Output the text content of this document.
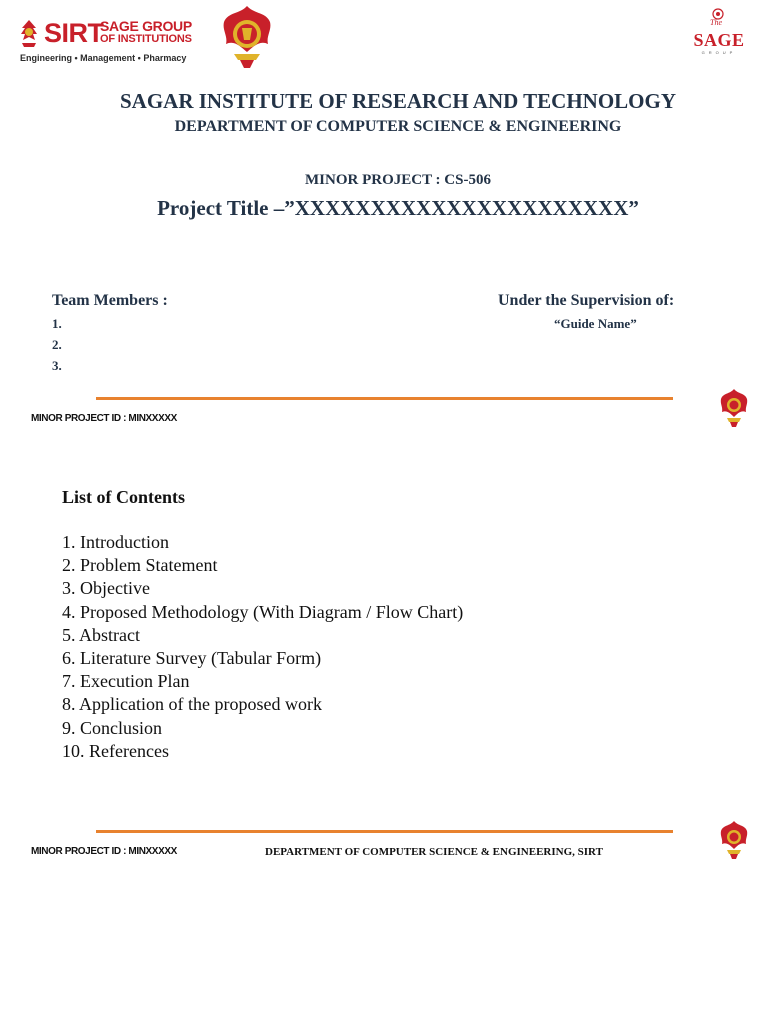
SIRT
SAGE GROUP
OF INSTITUTIONS
Engineering • Management • Pharmacy
The
SAGE
GROUP
SAGAR INSTITUTE OF RESEARCH AND TECHNOLOGY
DEPARTMENT OF COMPUTER SCIENCE & ENGINEERING
MINOR PROJECT : CS-506
Project Title –”XXXXXXXXXXXXXXXXXXXXXX”
Team Members :
1.
2.
3.
Under the Supervision of:
“Guide Name”
MINOR PROJECT ID : MINXXXXX
List of Contents
1. Introduction
2. Problem Statement
3. Objective
4. Proposed Methodology (With Diagram / Flow Chart)
5. Abstract
6. Literature Survey (Tabular Form)
7. Execution Plan
8. Application of the proposed work
9. Conclusion
10. References
MINOR PROJECT ID : MINXXXXX	DEPARTMENT OF COMPUTER SCIENCE & ENGINEERING, SIRT
